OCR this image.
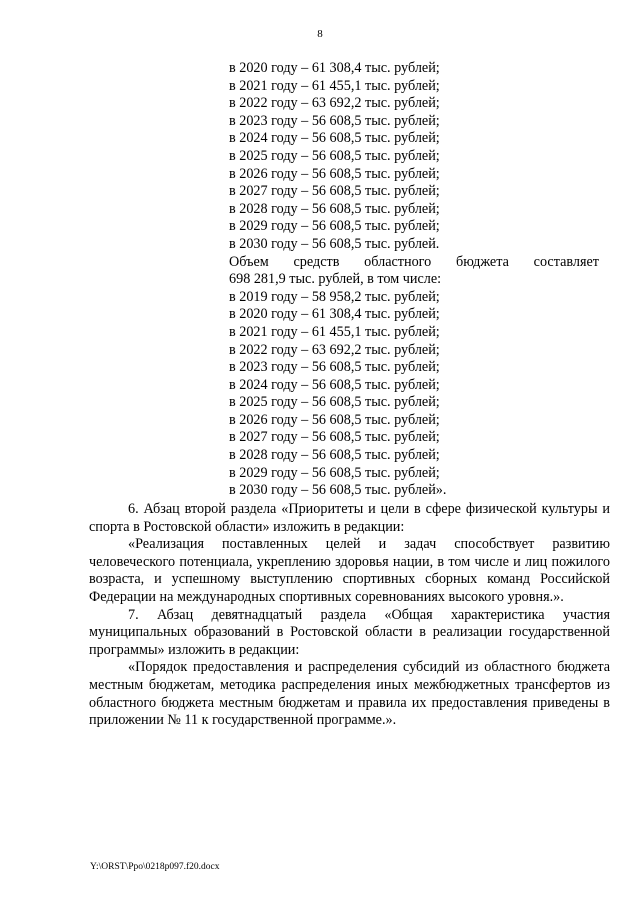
8
в 2020 году – 61 308,4 тыс. рублей;
в 2021 году – 61 455,1 тыс. рублей;
в 2022 году – 63 692,2 тыс. рублей;
в 2023 году – 56 608,5 тыс. рублей;
в 2024 году – 56 608,5 тыс. рублей;
в 2025 году – 56 608,5 тыс. рублей;
в 2026 году – 56 608,5 тыс. рублей;
в 2027 году – 56 608,5 тыс. рублей;
в 2028 году – 56 608,5 тыс. рублей;
в 2029 году – 56 608,5 тыс. рублей;
в 2030 году – 56 608,5 тыс. рублей.
Объем средств областного бюджета составляет
698 281,9 тыс. рублей, в том числе:
в 2019 году – 58 958,2 тыс. рублей;
в 2020 году – 61 308,4 тыс. рублей;
в 2021 году – 61 455,1 тыс. рублей;
в 2022 году – 63 692,2 тыс. рублей;
в 2023 году – 56 608,5 тыс. рублей;
в 2024 году – 56 608,5 тыс. рублей;
в 2025 году – 56 608,5 тыс. рублей;
в 2026 году – 56 608,5 тыс. рублей;
в 2027 году – 56 608,5 тыс. рублей;
в 2028 году – 56 608,5 тыс. рублей;
в 2029 году – 56 608,5 тыс. рублей;
в 2030 году – 56 608,5 тыс. рублей».

6. Абзац второй раздела «Приоритеты и цели в сфере физической культуры и спорта в Ростовской области» изложить в редакции:

«Реализация поставленных целей и задач способствует развитию человеческого потенциала, укреплению здоровья нации, в том числе и лиц пожилого возраста, и успешному выступлению спортивных сборных команд Российской Федерации на международных спортивных соревнованиях высокого уровня.».

7. Абзац девятнадцатый раздела «Общая характеристика участия муниципальных образований в Ростовской области в реализации государственной программы» изложить в редакции:

«Порядок предоставления и распределения субсидий из областного бюджета местным бюджетам, методика распределения иных межбюджетных трансфертов из областного бюджета местным бюджетам и правила их предоставления приведены в приложении № 11 к государственной программе.».

Y:\ORST\Ppo\0218p097.f20.docx
